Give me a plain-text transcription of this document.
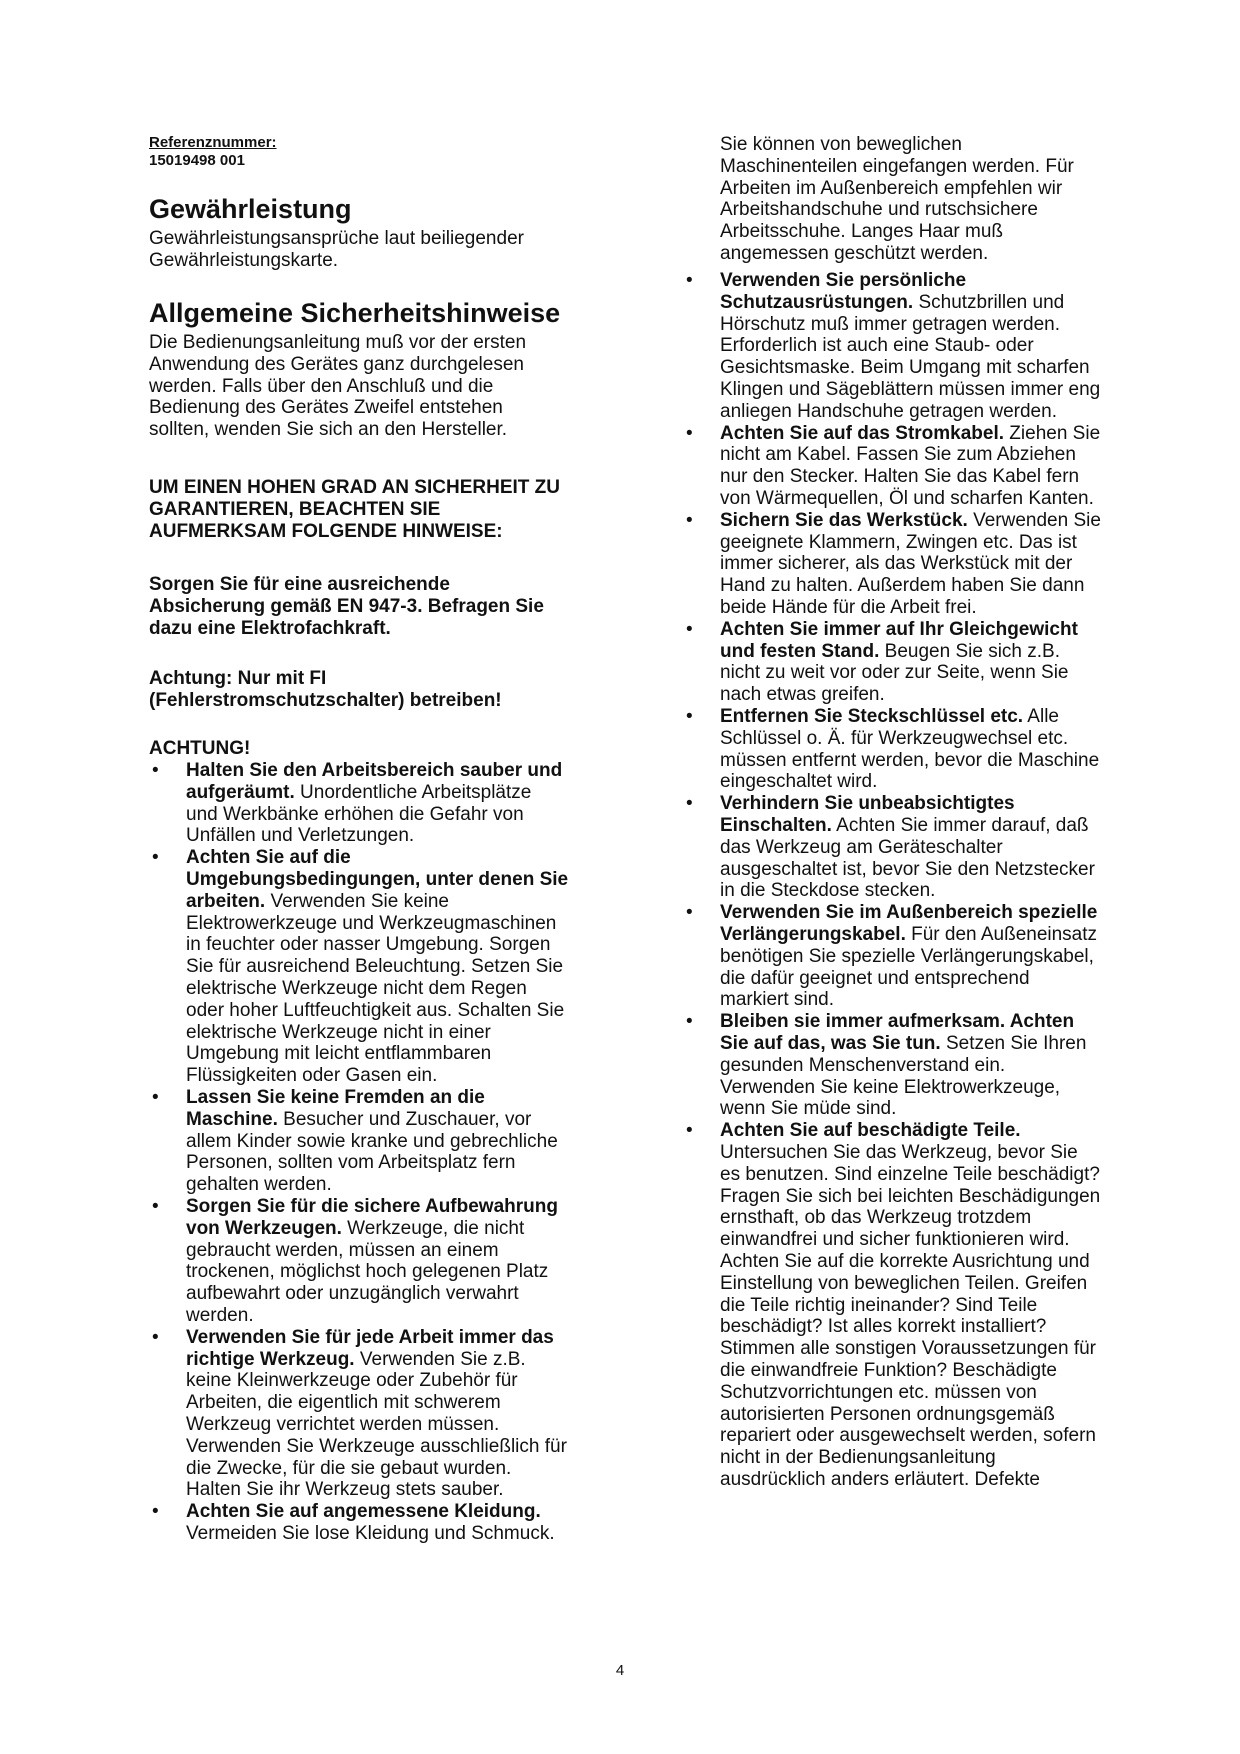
Referenznummer:
15019498 001
Gewährleistung
Gewährleistungsansprüche laut beiliegender
Gewährleistungskarte.
Allgemeine Sicherheitshinweise
Die Bedienungsanleitung muß vor der ersten
Anwendung des Gerätes ganz durchgelesen
werden. Falls über den Anschluß und die
Bedienung des Gerätes Zweifel entstehen
sollten, wenden Sie sich an den Hersteller.
UM EINEN HOHEN GRAD AN SICHERHEIT ZU
GARANTIEREN, BEACHTEN SIE
AUFMERKSAM FOLGENDE HINWEISE:
Sorgen Sie für eine ausreichende
Absicherung gemäß EN 947-3. Befragen Sie
dazu eine Elektrofachkraft.
Achtung: Nur mit FI
(Fehlerstromschutzschalter) betreiben!
ACHTUNG!
• Halten Sie den Arbeitsbereich sauber und
aufgeräumt. Unordentliche Arbeitsplätze
und Werkbänke erhöhen die Gefahr von
Unfällen und Verletzungen.
• Achten Sie auf die
Umgebungsbedingungen, unter denen Sie
arbeiten. Verwenden Sie keine
Elektrowerkzeuge und Werkzeugmaschinen
in feuchter oder nasser Umgebung. Sorgen
Sie für ausreichend Beleuchtung. Setzen Sie
elektrische Werkzeuge nicht dem Regen
oder hoher Luftfeuchtigkeit aus. Schalten Sie
elektrische Werkzeuge nicht in einer
Umgebung mit leicht entflammbaren
Flüssigkeiten oder Gasen ein.
• Lassen Sie keine Fremden an die
Maschine. Besucher und Zuschauer, vor
allem Kinder sowie kranke und gebrechliche
Personen, sollten vom Arbeitsplatz fern
gehalten werden.
• Sorgen Sie für die sichere Aufbewahrung
von Werkzeugen. Werkzeuge, die nicht
gebraucht werden, müssen an einem
trockenen, möglichst hoch gelegenen Platz
aufbewahrt oder unzugänglich verwahrt
werden.
• Verwenden Sie für jede Arbeit immer das
richtige Werkzeug. Verwenden Sie z.B.
keine Kleinwerkzeuge oder Zubehör für
Arbeiten, die eigentlich mit schwerem
Werkzeug verrichtet werden müssen.
Verwenden Sie Werkzeuge ausschließlich für
die Zwecke, für die sie gebaut wurden.
Halten Sie ihr Werkzeug stets sauber.
• Achten Sie auf angemessene Kleidung.
Vermeiden Sie lose Kleidung und Schmuck.
Sie können von beweglichen
Maschinenteilen eingefangen werden. Für
Arbeiten im Außenbereich empfehlen wir
Arbeitshandschuhe und rutschsichere
Arbeitsschuhe. Langes Haar muß
angemessen geschützt werden.
• Verwenden Sie persönliche
Schutzausrüstungen. Schutzbrillen und
Hörschutz muß immer getragen werden.
Erforderlich ist auch eine Staub- oder
Gesichtsmaske. Beim Umgang mit scharfen
Klingen und Sägeblättern müssen immer eng
anliegen Handschuhe getragen werden.
• Achten Sie auf das Stromkabel. Ziehen Sie
nicht am Kabel. Fassen Sie zum Abziehen
nur den Stecker. Halten Sie das Kabel fern
von Wärmequellen, Öl und scharfen Kanten.
• Sichern Sie das Werkstück. Verwenden Sie
geeignete Klammern, Zwingen etc. Das ist
immer sicherer, als das Werkstück mit der
Hand zu halten. Außerdem haben Sie dann
beide Hände für die Arbeit frei.
• Achten Sie immer auf Ihr Gleichgewicht
und festen Stand. Beugen Sie sich z.B.
nicht zu weit vor oder zur Seite, wenn Sie
nach etwas greifen.
• Entfernen Sie Steckschlüssel etc. Alle
Schlüssel o. Ä. für Werkzeugwechsel etc.
müssen entfernt werden, bevor die Maschine
eingeschaltet wird.
• Verhindern Sie unbeabsichtigtes
Einschalten. Achten Sie immer darauf, daß
das Werkzeug am Geräteschalter
ausgeschaltet ist, bevor Sie den Netzstecker
in die Steckdose stecken.
• Verwenden Sie im Außenbereich spezielle
Verlängerungskabel. Für den Außeneinsatz
benötigen Sie spezielle Verlängerungskabel,
die dafür geeignet und entsprechend
markiert sind.
• Bleiben sie immer aufmerksam. Achten
Sie auf das, was Sie tun. Setzen Sie Ihren
gesunden Menschenverstand ein.
Verwenden Sie keine Elektrowerkzeuge,
wenn Sie müde sind.
• Achten Sie auf beschädigte Teile.
Untersuchen Sie das Werkzeug, bevor Sie
es benutzen. Sind einzelne Teile beschädigt?
Fragen Sie sich bei leichten Beschädigungen
ernsthaft, ob das Werkzeug trotzdem
einwandfrei und sicher funktionieren wird.
Achten Sie auf die korrekte Ausrichtung und
Einstellung von beweglichen Teilen. Greifen
die Teile richtig ineinander? Sind Teile
beschädigt? Ist alles korrekt installiert?
Stimmen alle sonstigen Voraussetzungen für
die einwandfreie Funktion? Beschädigte
Schutzvorrichtungen etc. müssen von
autorisierten Personen ordnungsgemäß
repariert oder ausgewechselt werden, sofern
nicht in der Bedienungsanleitung
ausdrücklich anders erläutert. Defekte
4
